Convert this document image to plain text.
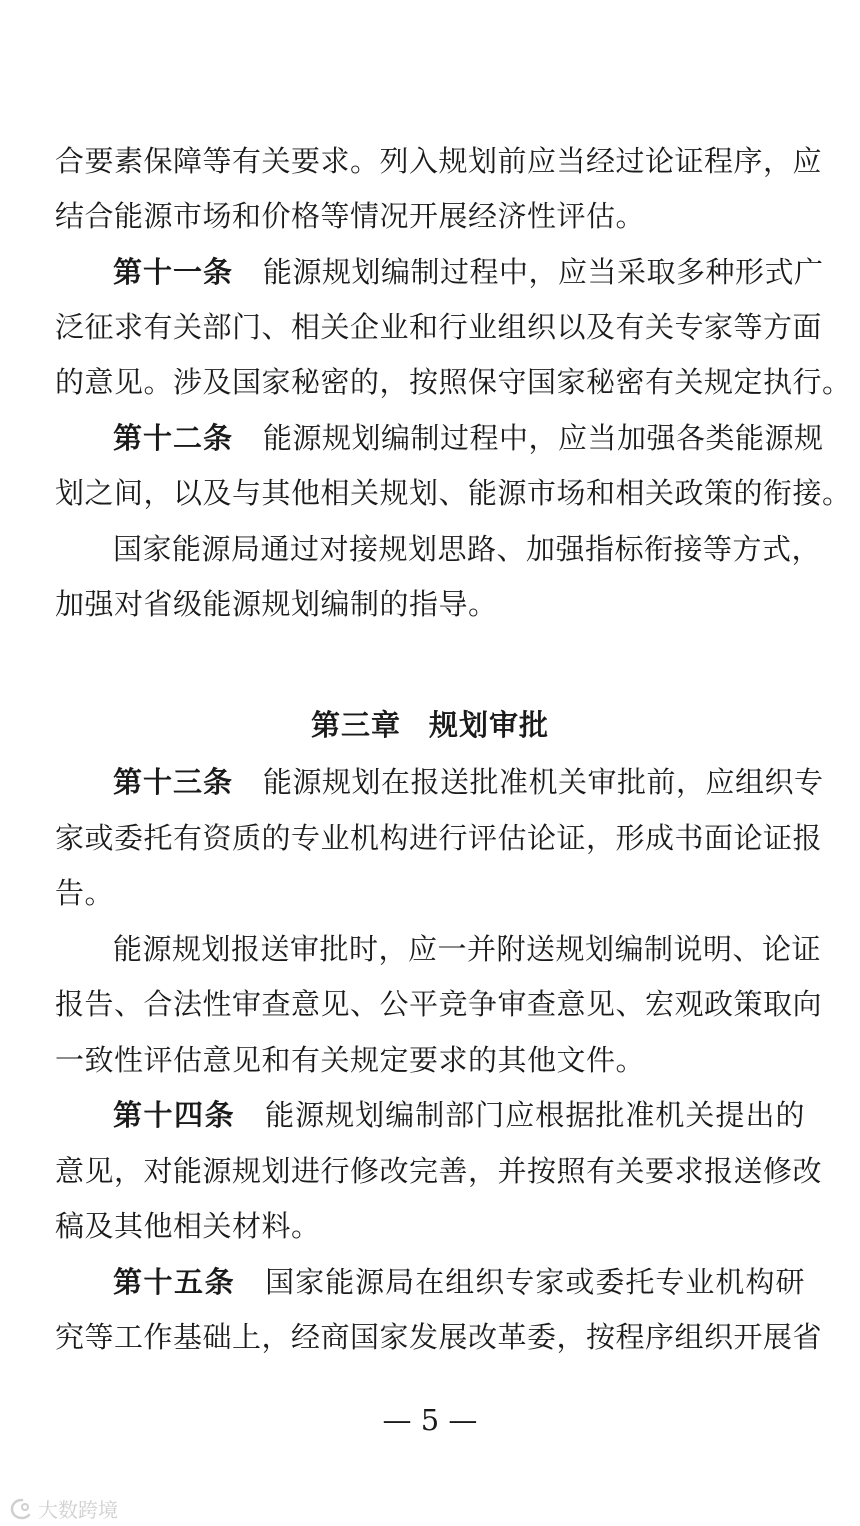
合要素保障等有关要求。列入规划前应当经过论证程序，应
结合能源市场和价格等情况开展经济性评估。
第十一条 能源规划编制过程中，应当采取多种形式广
泛征求有关部门、相关企业和行业组织以及有关专家等方面
的意见。涉及国家秘密的，按照保守国家秘密有关规定执行。
第十二条 能源规划编制过程中，应当加强各类能源规
划之间，以及与其他相关规划、能源市场和相关政策的衔接。
国家能源局通过对接规划思路、加强指标衔接等方式，
加强对省级能源规划编制的指导。
第三章 规划审批
第十三条 能源规划在报送批准机关审批前，应组织专
家或委托有资质的专业机构进行评估论证，形成书面论证报
告。
能源规划报送审批时，应一并附送规划编制说明、论证
报告、合法性审查意见、公平竞争审查意见、宏观政策取向
一致性评估意见和有关规定要求的其他文件。
第十四条 能源规划编制部门应根据批准机关提出的
意见，对能源规划进行修改完善，并按照有关要求报送修改
稿及其他相关材料。
第十五条 国家能源局在组织专家或委托专业机构研
究等工作基础上，经商国家发展改革委，按程序组织开展省
— 5 —
大数跨境
